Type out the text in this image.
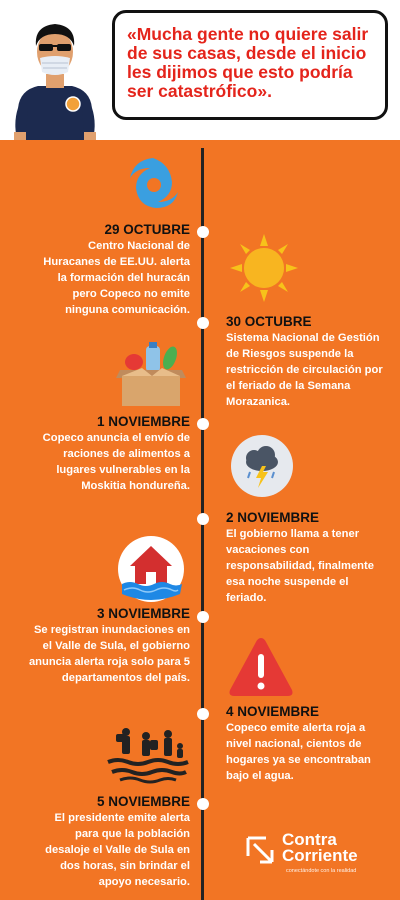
«Mucha gente no quiere salir de sus casas, desde el inicio les dijimos que esto podría ser catastrófico».
29 OCTUBRE
Centro Nacional de Huracanes de EE.UU. alerta la formación del huracán pero Copeco no emite ninguna comunicación.
30 OCTUBRE
Sistema Nacional de Gestión de Riesgos suspende la restricción de circulación por el feriado de la Semana Morazanica.
1 NOVIEMBRE
Copeco anuncia el envío de raciones de alimentos a lugares vulnerables en la Moskitia hondureña.
2 NOVIEMBRE
El gobierno llama a tener vacaciones con responsabilidad, finalmente esa noche suspende el feriado.
3 NOVIEMBRE
Se registran inundaciones en el Valle de Sula, el gobierno anuncia alerta roja solo para 5 departamentos del país.
4 NOVIEMBRE
Copeco emite alerta roja a nivel nacional, cientos de hogares ya se encontraban bajo el agua.
5 NOVIEMBRE
El presidente emite alerta para que la población desaloje el Valle de Sula en dos horas, sin brindar el apoyo necesario.
Contra
Corriente
conectándote con la realidad
